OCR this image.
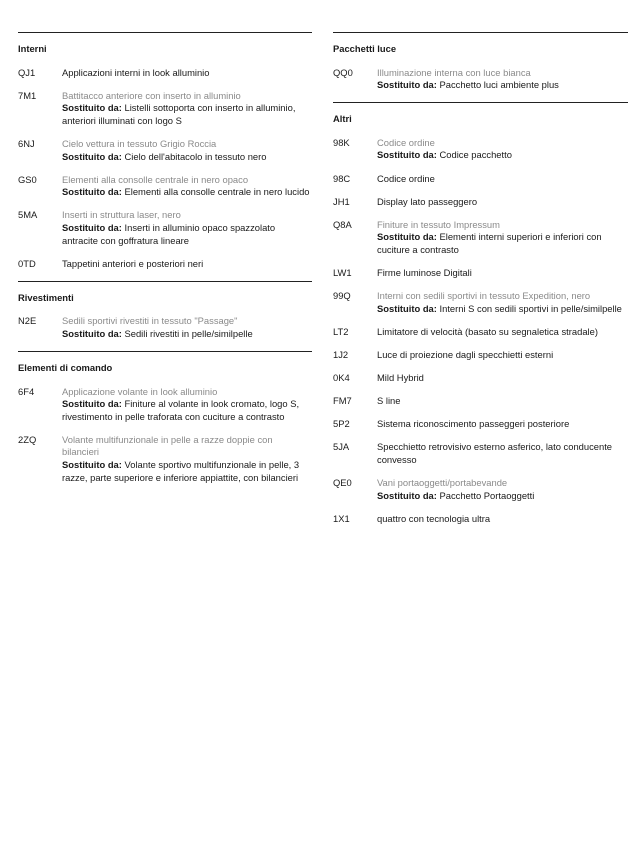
Interni
QJ1	Applicazioni interni in look alluminio
7M1	Battitacco anteriore con inserto in alluminio
Sostituito da: Listelli sottoporta con inserto in alluminio, anteriori illuminati con logo S
6NJ	Cielo vettura in tessuto Grigio Roccia
Sostituito da: Cielo dell'abitacolo in tessuto nero
GS0	Elementi alla consolle centrale in nero opaco
Sostituito da: Elementi alla consolle centrale in nero lucido
5MA	Inserti in struttura laser, nero
Sostituito da: Inserti in alluminio opaco spazzolato antracite con goffratura lineare
0TD	Tappetini anteriori e posteriori neri
Rivestimenti
N2E	Sedili sportivi rivestiti in tessuto "Passage"
Sostituito da: Sedili rivestiti in pelle/similpelle
Elementi di comando
6F4	Applicazione volante in look alluminio
Sostituito da: Finiture al volante in look cromato, logo S, rivestimento in pelle traforata con cuciture a contrasto
2ZQ	Volante multifunzionale in pelle a razze doppie con bilancieri
Sostituito da: Volante sportivo multifunzionale in pelle, 3 razze, parte superiore e inferiore appiattite, con bilancieri
Pacchetti luce
QQ0	Illuminazione interna con luce bianca
Sostituito da: Pacchetto luci ambiente plus
Altri
98K	Codice ordine
Sostituito da: Codice pacchetto
98C	Codice ordine
JH1	Display lato passeggero
Q8A	Finiture in tessuto Impressum
Sostituito da: Elementi interni superiori e inferiori con cuciture a contrasto
LW1	Firme luminose Digitali
99Q	Interni con sedili sportivi in tessuto Expedition, nero
Sostituito da: Interni S con sedili sportivi in pelle/similpelle
LT2	Limitatore di velocità (basato su segnaletica stradale)
1J2	Luce di proiezione dagli specchietti esterni
0K4	Mild Hybrid
FM7	S line
5P2	Sistema riconoscimento passeggeri posteriore
5JA	Specchietto retrovisivo esterno asferico, lato conducente convesso
QE0	Vani portaoggetti/portabevande
Sostituito da: Pacchetto Portaoggetti
1X1	quattro con tecnologia ultra
